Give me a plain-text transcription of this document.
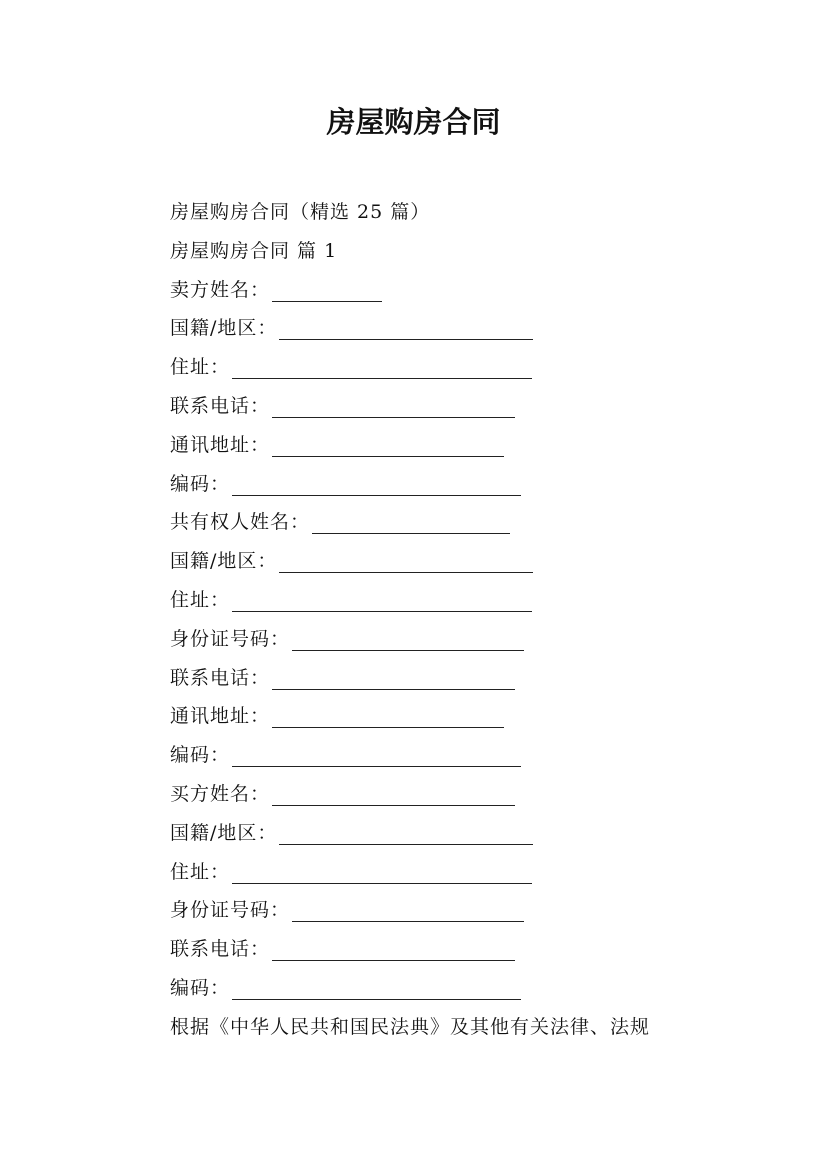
房屋购房合同
房屋购房合同（精选 25 篇）
房屋购房合同 篇 1
卖方姓名：
国籍/地区：
住址：
联系电话：
通讯地址：
编码：
共有权人姓名：
国籍/地区：
住址：
身份证号码：
联系电话：
通讯地址：
编码：
买方姓名：
国籍/地区：
住址：
身份证号码：
联系电话：
编码：
根据《中华人民共和国民法典》及其他有关法律、法规
